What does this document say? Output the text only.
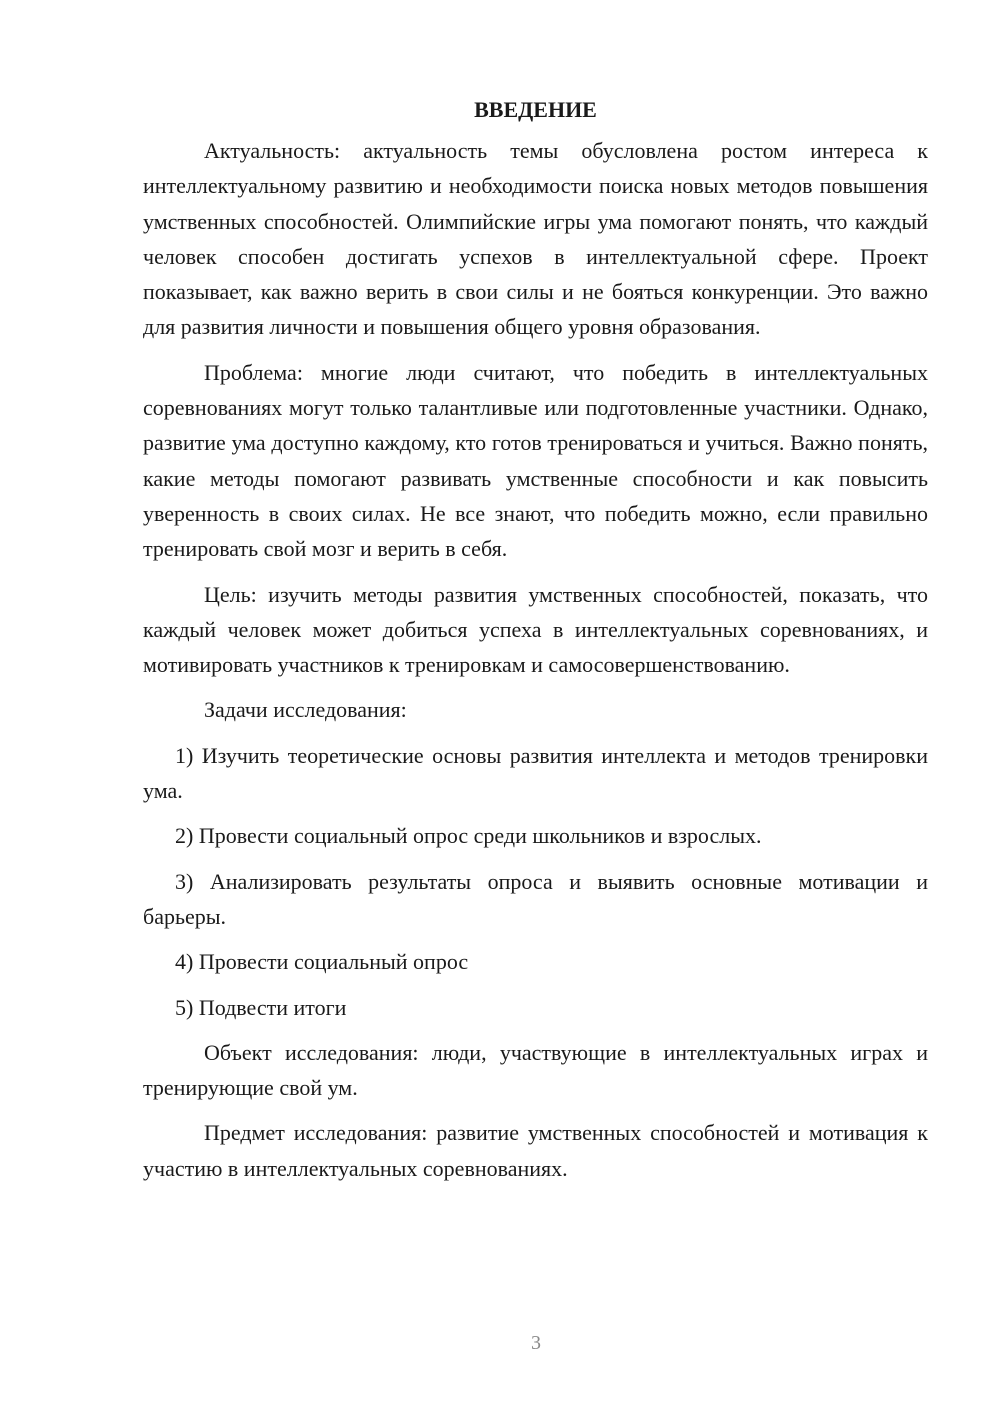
ВВЕДЕНИЕ

Актуальность: актуальность темы обусловлена ростом интереса к интеллектуальному развитию и необходимости поиска новых методов повышения умственных способностей. Олимпийские игры ума помогают понять, что каждый человек способен достигать успехов в интеллектуальной сфере. Проект показывает, как важно верить в свои силы и не бояться конкуренции. Это важно для развития личности и повышения общего уровня образования.

Проблема: многие люди считают, что победить в интеллектуальных соревнованиях могут только талантливые или подготовленные участники. Однако, развитие ума доступно каждому, кто готов тренироваться и учиться. Важно понять, какие методы помогают развивать умственные способности и как повысить уверенность в своих силах. Не все знают, что победить можно, если правильно тренировать свой мозг и верить в себя.

Цель: изучить методы развития умственных способностей, показать, что каждый человек может добиться успеха в интеллектуальных соревнованиях, и мотивировать участников к тренировкам и самосовершенствованию.

Задачи исследования:

1) Изучить теоретические основы развития интеллекта и методов тренировки ума.

2) Провести социальный опрос среди школьников и взрослых.

3) Анализировать результаты опроса и выявить основные мотивации и барьеры.

4) Провести социальный опрос

5) Подвести итоги

Объект исследования: люди, участвующие в интеллектуальных играх и тренирующие свой ум.

Предмет исследования: развитие умственных способностей и мотивация к участию в интеллектуальных соревнованиях.

3
